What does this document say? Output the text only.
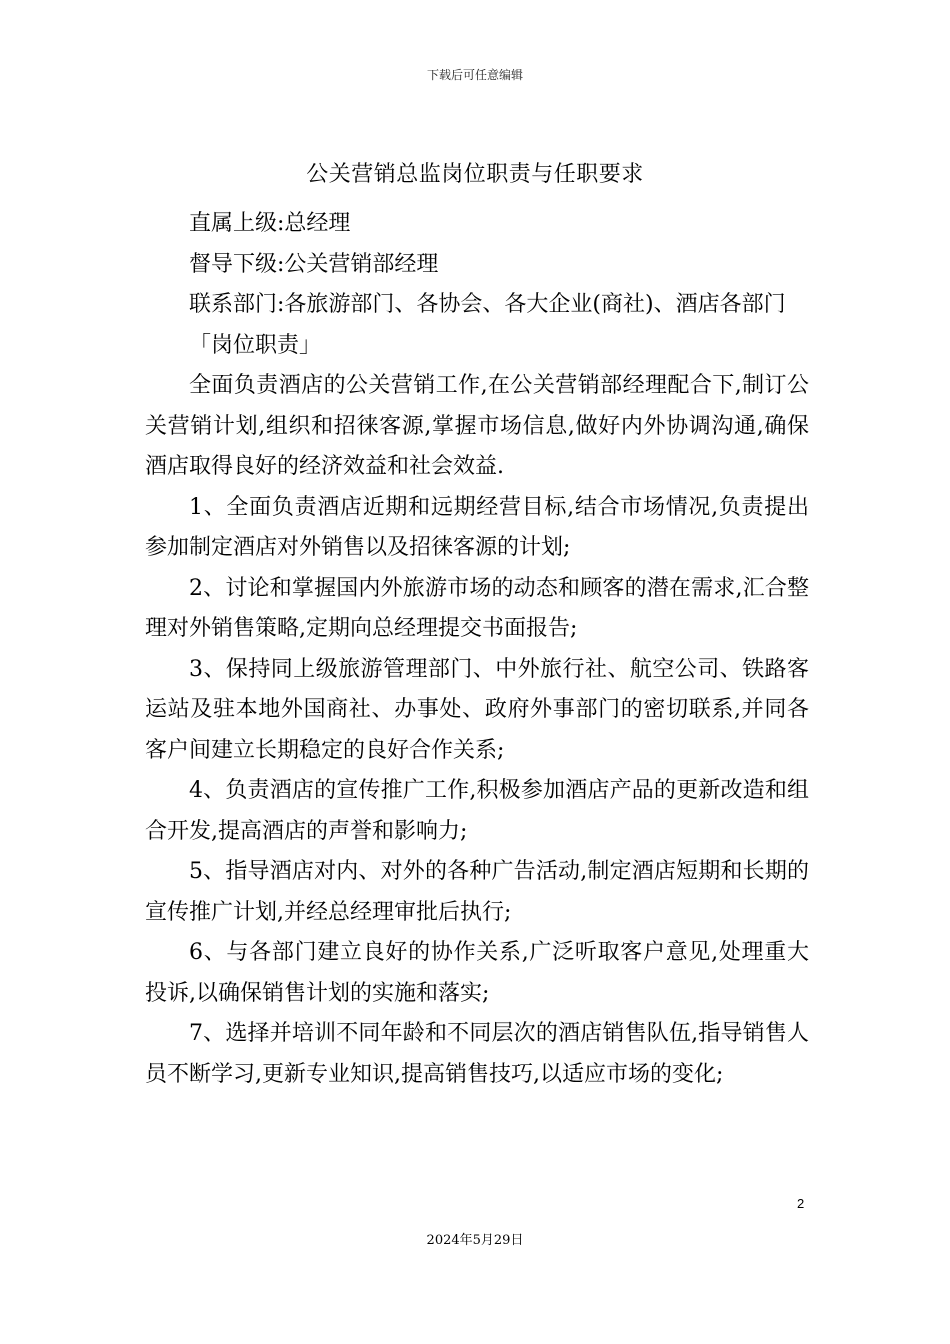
下载后可任意编辑
公关营销总监岗位职责与任职要求

直属上级:总经理

督导下级:公关营销部经理

联系部门:各旅游部门、各协会、各大企业(商社)、酒店各部门

「岗位职责」

全面负责酒店的公关营销工作,在公关营销部经理配合下,制订公关营销计划,组织和招徕客源,掌握市场信息,做好内外协调沟通,确保酒店取得良好的经济效益和社会效益.

1、全面负责酒店近期和远期经营目标,结合市场情况,负责提出参加制定酒店对外销售以及招徕客源的计划;

2、讨论和掌握国内外旅游市场的动态和顾客的潜在需求,汇合整理对外销售策略,定期向总经理提交书面报告;

3、保持同上级旅游管理部门、中外旅行社、航空公司、铁路客运站及驻本地外国商社、办事处、政府外事部门的密切联系,并同各客户间建立长期稳定的良好合作关系;

4、负责酒店的宣传推广工作,积极参加酒店产品的更新改造和组合开发,提高酒店的声誉和影响力;

5、指导酒店对内、对外的各种广告活动,制定酒店短期和长期的宣传推广计划,并经总经理审批后执行;

6、与各部门建立良好的协作关系,广泛听取客户意见,处理重大投诉,以确保销售计划的实施和落实;

7、选择并培训不同年龄和不同层次的酒店销售队伍,指导销售人员不断学习,更新专业知识,提高销售技巧,以适应市场的变化;

2
2024年5月29日
